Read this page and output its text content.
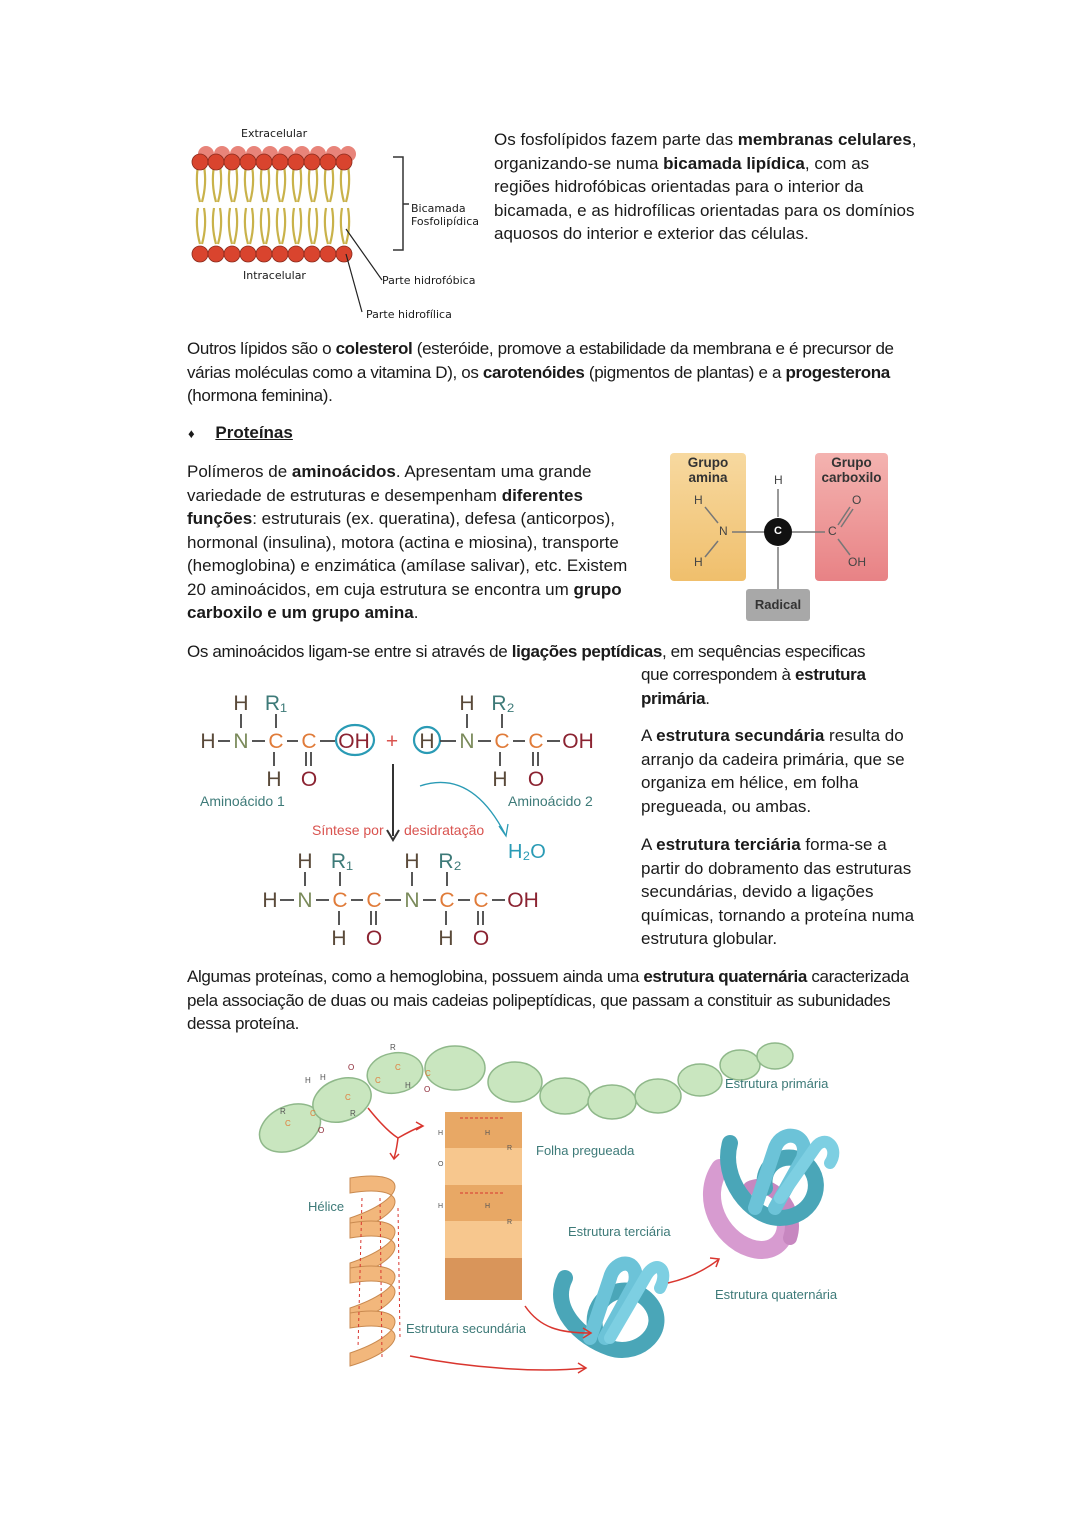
Extracelular
Bicamada
Fosfolipídica
Intracelular	Parte hidrofóbica
Parte hidrofílica

Os fosfolípidos fazem parte das membranas celulares, organizando-se numa bicamada lipídica, com as regiões hidrofóbicas orientadas para o interior da bicamada, e as hidrofílicas orientadas para os domínios aquosos do interior e exterior das células.

Outros lípidos são o colesterol (esteróide, promove a estabilidade da membrana e é precursor de várias moléculas como a vitamina D), os carotenóides (pigmentos de plantas) e a progesterona (hormona feminina).

♦ Proteínas

Polímeros de aminoácidos. Apresentam uma grande variedade de estruturas e desempenham diferentes funções: estruturais (ex. queratina), defesa (anticorpos), hormonal (insulina), motora (actina e miosina), transporte (hemoglobina) e enzimática (amílase salivar), etc. Existem 20 aminoácidos, em cuja estrutura se encontra um grupo carboxilo e um grupo amina.

Grupo
amina
Grupo
carboxilo
H
H
N
H
C	C
O
OH
Radical

Os aminoácidos ligam-se entre si através de ligações peptídicas, em sequências especificas

que correspondem à estrutura primária.

H R₁
H N C C OH
H O
+ H
H R₂
N C C OH
H O
Aminoácido 1	Aminoácido 2
Síntese por desidratação
H₂O
H R₁ H R₂
H N C C N C C OH
H O	H O

A estrutura secundária resulta do arranjo da cadeira primária, que se organiza em hélice, em folha pregueada, ou ambas.

A estrutura terciária forma-se a partir do dobramento das estruturas secundárias, devido a ligações químicas, tornando a proteína numa estrutura globular.

Algumas proteínas, como a hemoglobina, possuem ainda uma estrutura quaternária caracterizada pela associação de duas ou mais cadeias polipeptídicas, que passam a constituir as subunidades dessa proteína.

C
C
C
C
C
C
O
O
O
R	R
R
H H
H
H	H
R
O
H	H
R
Estrutura primária
Folha pregueada
Hélice
Estrutura terciária
Estrutura quaternária
Estrutura secundária
